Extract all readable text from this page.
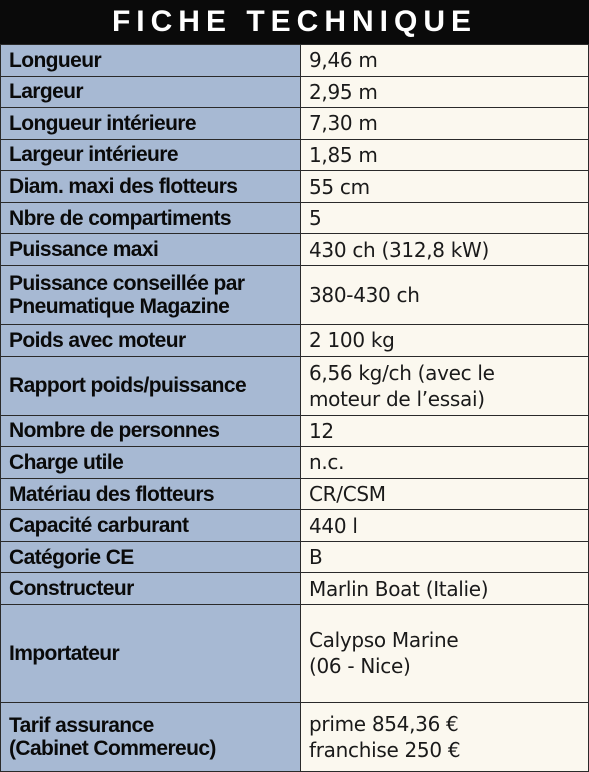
FICHE TECHNIQUE
Longueur	9,46 m

Largeur	2,95 m

Longueur intérieure	7,30 m

Largeur intérieure	1,85 m

Diam. maxi des flotteurs	55 cm

Nbre de compartiments	5

Puissance maxi	430 ch (312,8 kW)

Puissance conseillée par
Pneumatique Magazine	380-430 ch

Poids avec moteur	2 100 kg

Rapport poids/puissance	6,56 kg/ch (avec le
moteur de l’essai)

Nombre de personnes	12

Charge utile	n.c.

Matériau des flotteurs	CR/CSM

Capacité carburant	440 l

Catégorie CE	B

Constructeur	Marlin Boat (Italie)

Importateur	Calypso Marine
(06 - Nice)

Tarif assurance
(Cabinet Commereuc)	prime 854,36 €
franchise 250 €
